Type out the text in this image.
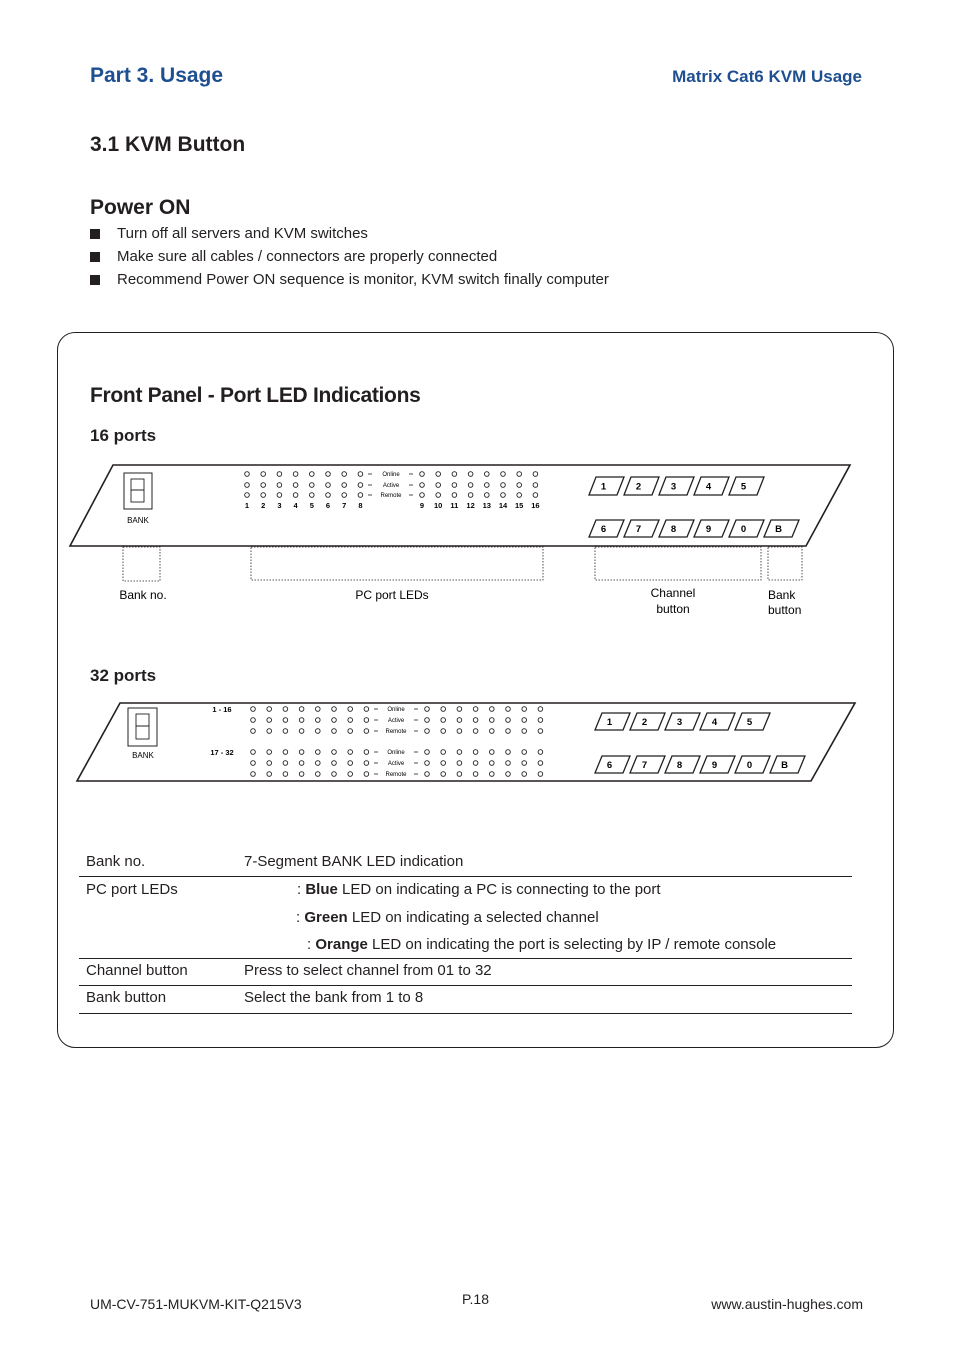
Part 3. Usage	Matrix Cat6 KVM Usage
3.1 KVM Button
Power ON
Turn off all servers and KVM switches
Make sure all cables / connectors are properly connected
Recommend Power ON sequence is monitor, KVM switch finally computer
Front Panel - Port LED Indications
16 ports
32 ports
BANK
Online
Active
Remote
1 2 3 4 5 6 7 8	9 10 11 12 13 14 15 16
1	2	3	4	5
6	7	8	9	0	B
Bank no.	PC port LEDs	Channel
button
Bank
button
BANK
1 - 16
17 - 32
Online
Active
Remote
Online
Active
Remote
1	2	3	4	5
6	7	8	9	0	B
Bank no.	7-Segment BANK LED indication
PC port LEDs	: Blue LED on indicating a PC is connecting to the port
: Green LED on indicating a selected channel
: Orange LED on indicating the port is selecting by IP / remote console
Channel button	Press to select channel from 01 to 32
Bank button	Select the bank from 1 to 8
UM-CV-751-MUKVM-KIT-Q215V3	P.18	www.austin-hughes.com
